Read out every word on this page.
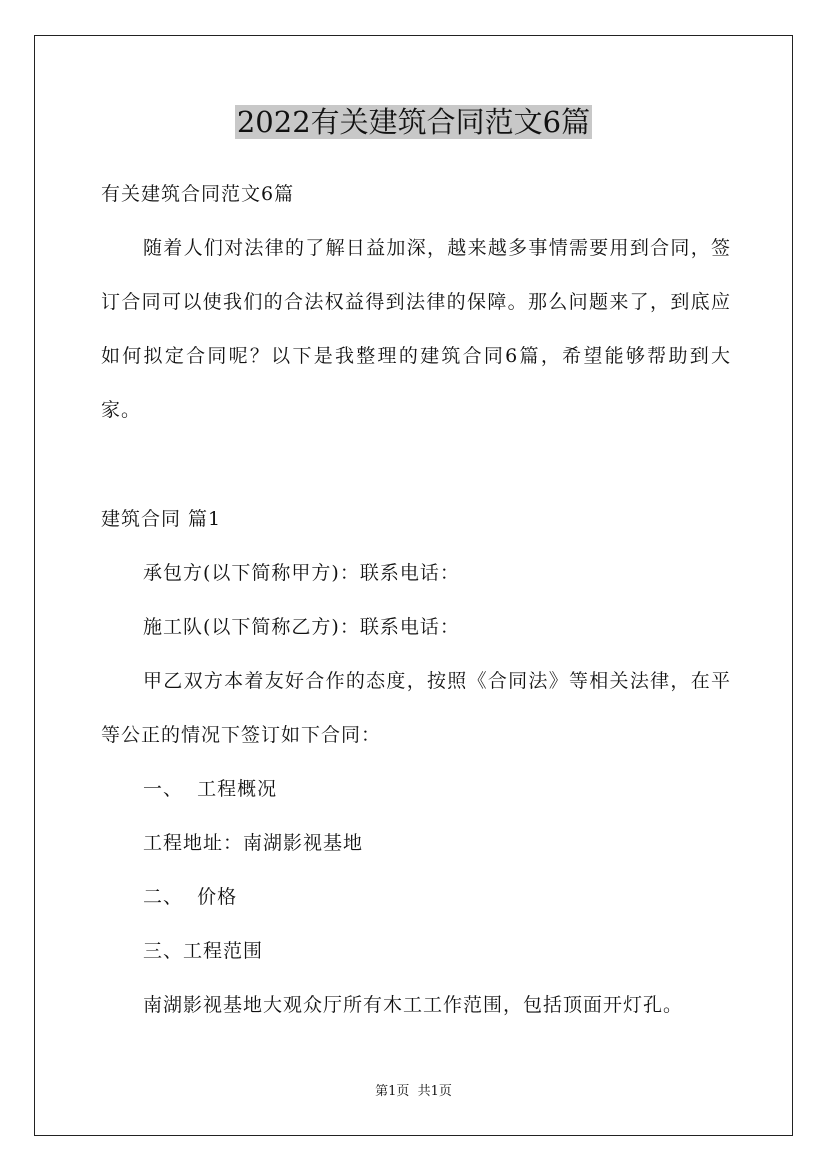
2022有关建筑合同范文6篇
有关建筑合同范文6篇
随着人们对法律的了解日益加深，越来越多事情需要用到合同，签订合同可以使我们的合法权益得到法律的保障。那么问题来了，到底应如何拟定合同呢？以下是我整理的建筑合同6篇，希望能够帮助到大家。
建筑合同 篇1
承包方(以下简称甲方)：联系电话：
施工队(以下简称乙方)：联系电话：
甲乙双方本着友好合作的态度，按照《合同法》等相关法律，在平等公正的情况下签订如下合同：
一、  工程概况
工程地址：南湖影视基地
二、  价格
三、工程范围
南湖影视基地大观众厅所有木工工作范围，包括顶面开灯孔。
第1页  共1页
